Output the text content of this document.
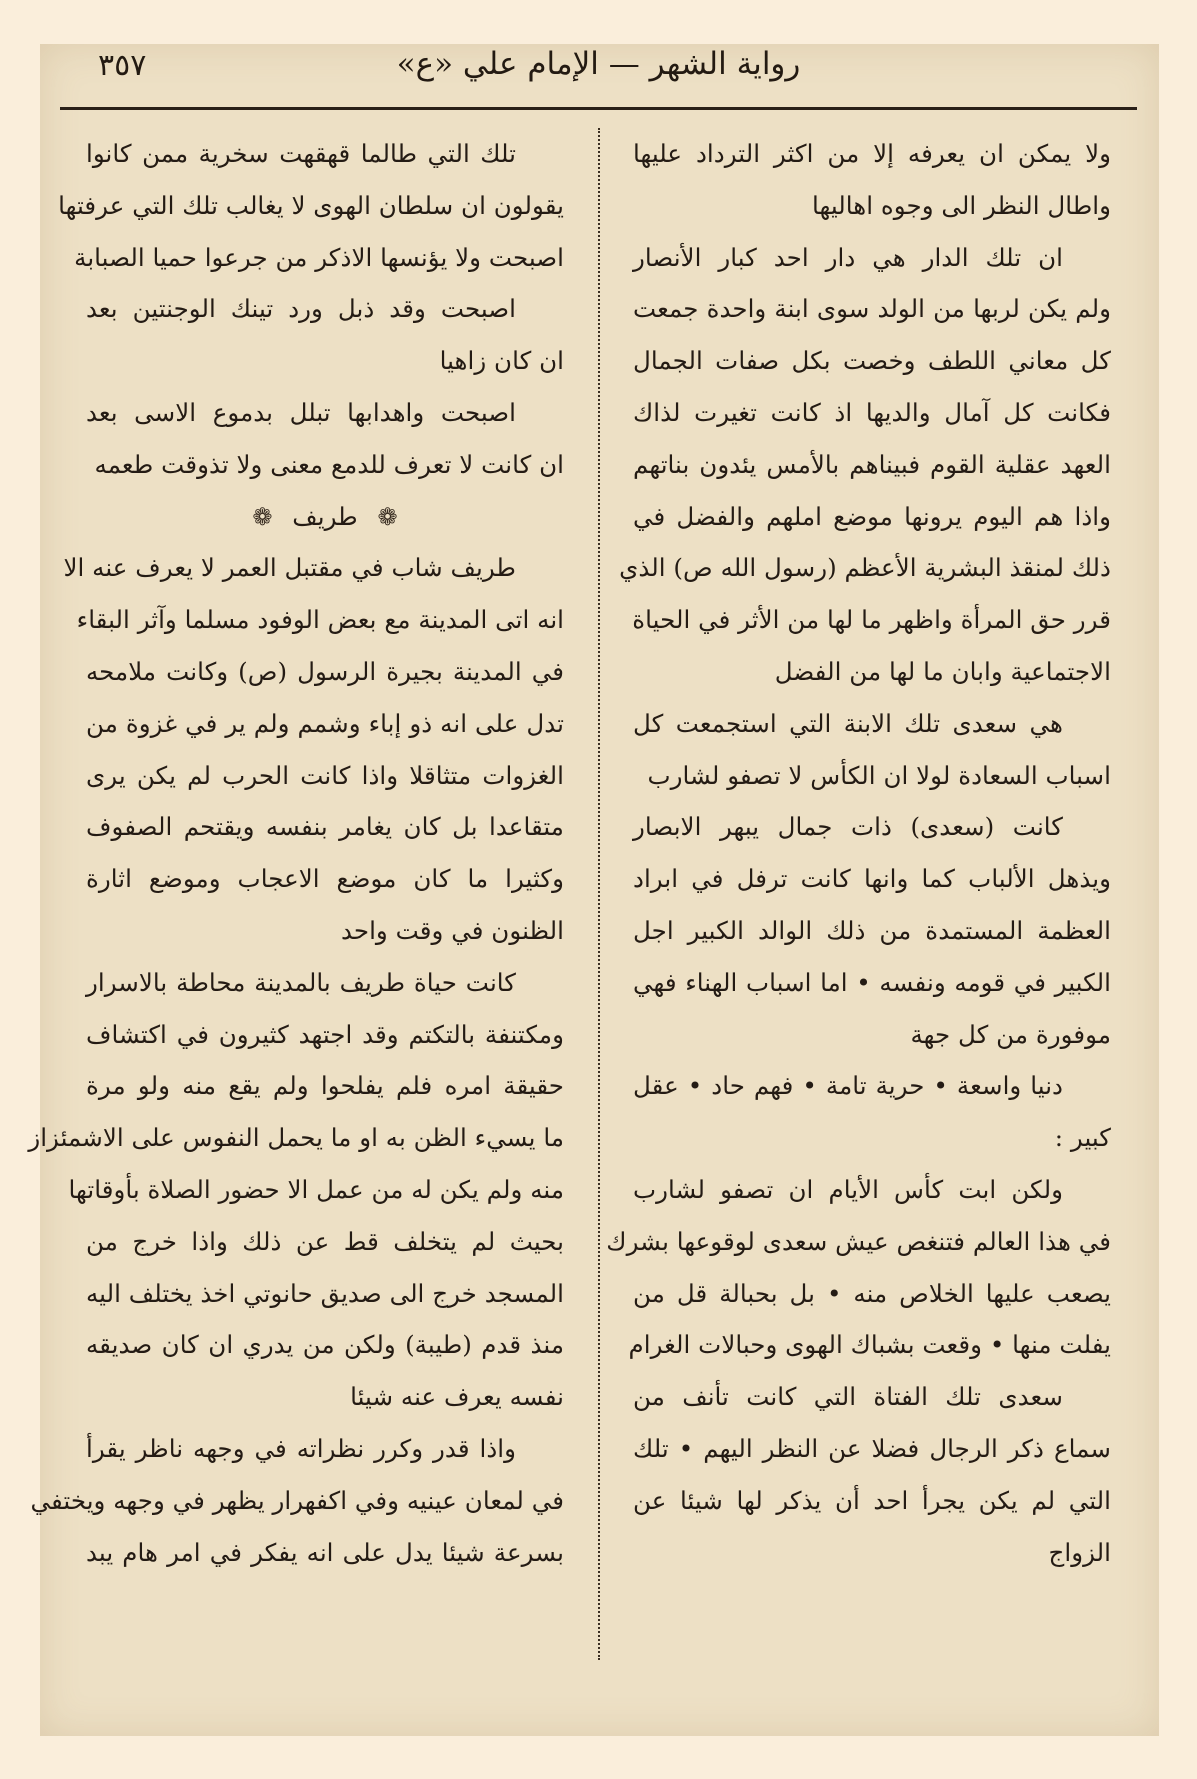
رواية الشهر — الإمام علي «ع»
٣٥٧
ولا يمكن ان يعرفه إلا من اكثر الترداد عليها
واطال النظر الى وجوه اهاليها
ان تلك الدار هي دار احد كبار الأنصار
ولم يكن لربها من الولد سوى ابنة واحدة جمعت
كل معاني اللطف وخصت بكل صفات الجمال
فكانت كل آمال والديها اذ كانت تغيرت لذاك
العهد عقلية القوم فبيناهم بالأمس يئدون بناتهم
واذا هم اليوم يرونها موضع املهم والفضل في
ذلك لمنقذ البشرية الأعظم (رسول الله ص) الذي
قرر حق المرأة واظهر ما لها من الأثر في الحياة
الاجتماعية وابان ما لها من الفضل
هي سعدى تلك الابنة التي استجمعت كل
اسباب السعادة لولا ان الكأس لا تصفو لشارب
كانت (سعدى) ذات جمال يبهر الابصار
ويذهل الألباب كما وانها كانت ترفل في ابراد
العظمة المستمدة من ذلك الوالد الكبير اجل
الكبير في قومه ونفسه • اما اسباب الهناء فهي
موفورة من كل جهة
دنيا واسعة • حرية تامة • فهم حاد • عقل
كبير :
ولكن ابت كأس الأيام ان تصفو لشارب
في هذا العالم فتنغص عيش سعدى لوقوعها بشرك
يصعب عليها الخلاص منه • بل بحبالة قل من
يفلت منها • وقعت بشباك الهوى وحبالات الغرام
سعدى تلك الفتاة التي كانت تأنف من
سماع ذكر الرجال فضلا عن النظر اليهم • تلك
التي لم يكن يجرأ احد أن يذكر لها شيئا عن
الزواج
تلك التي طالما قهقهت سخرية ممن كانوا
يقولون ان سلطان الهوى لا يغالب تلك التي عرفتها
اصبحت ولا يؤنسها الاذكر من جرعوا حميا الصبابة
اصبحت وقد ذبل ورد تينك الوجنتين بعد
ان كان زاهيا
اصبحت واهدابها تبلل بدموع الاسى بعد
ان كانت لا تعرف للدمع معنى ولا تذوقت طعمه
❁ طريف ❁
طريف شاب في مقتبل العمر لا يعرف عنه الا
انه اتى المدينة مع بعض الوفود مسلما وآثر البقاء
في المدينة بجيرة الرسول (ص) وكانت ملامحه
تدل على انه ذو إباء وشمم ولم ير في غزوة من
الغزوات متثاقلا واذا كانت الحرب لم يكن يرى
متقاعدا بل كان يغامر بنفسه ويقتحم الصفوف
وكثيرا ما كان موضع الاعجاب وموضع اثارة
الظنون في وقت واحد
كانت حياة طريف بالمدينة محاطة بالاسرار
ومكتنفة بالتكتم وقد اجتهد كثيرون في اكتشاف
حقيقة امره فلم يفلحوا ولم يقع منه ولو مرة
ما يسيء الظن به او ما يحمل النفوس على الاشمئزاز
منه ولم يكن له من عمل الا حضور الصلاة بأوقاتها
بحيث لم يتخلف قط عن ذلك واذا خرج من
المسجد خرج الى صديق حانوتي اخذ يختلف اليه
منذ قدم (طيبة) ولكن من يدري ان كان صديقه
نفسه يعرف عنه شيئا
واذا قدر وكرر نظراته في وجهه ناظر يقرأ
في لمعان عينيه وفي اكفهرار يظهر في وجهه ويختفي
بسرعة شيئا يدل على انه يفكر في امر هام يبد
